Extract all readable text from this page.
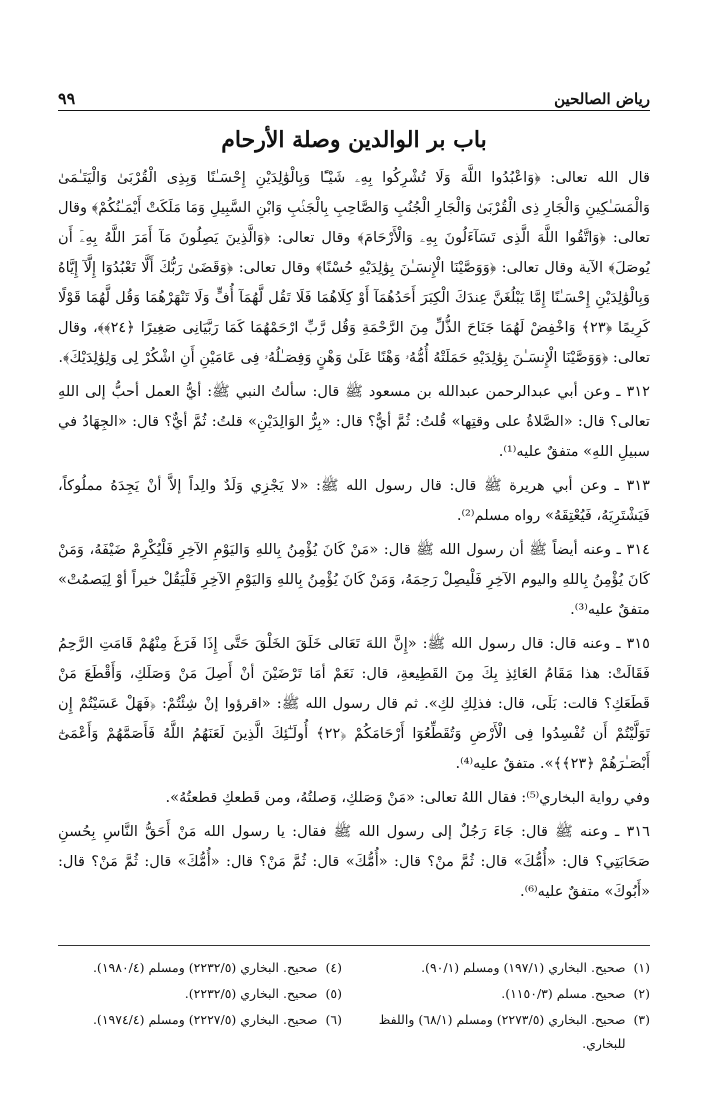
رياض الصالحين
٩٩
باب بر الوالدين وصلة الأرحام

قال الله تعالى: ﴿وَاعْبُدُوا اللَّهَ وَلَا تُشْرِكُوا بِهِۦ شَيْـًٔا وَبِالْوَٰلِدَيْنِ إِحْسَـٰنًا وَبِذِى الْقُرْبَىٰ وَالْيَتَـٰمَىٰ وَالْمَسَـٰكِينِ وَالْجَارِ ذِى الْقُرْبَىٰ وَالْجَارِ الْجُنُبِ وَالصَّاحِبِ بِالْجَنۢبِ وَابْنِ السَّبِيلِ وَمَا مَلَكَتْ أَيْمَـٰنُكُمْ﴾ وقال تعالى: ﴿وَاتَّقُوا اللَّهَ الَّذِى تَسَآءَلُونَ بِهِۦ وَالْأَرْحَامَ﴾ وقال تعالى: ﴿وَالَّذِينَ يَصِلُونَ مَآ أَمَرَ اللَّهُ بِهِۦٓ أَن يُوصَلَ﴾ الآية وقال تعالى: ﴿وَوَصَّيْنَا الْإِنسَـٰنَ بِوَٰلِدَيْهِ حُسْنًا﴾ وقال تعالى: ﴿وَقَضَىٰ رَبُّكَ أَلَّا تَعْبُدُوٓا إِلَّآ إِيَّاهُ وَبِالْوَٰلِدَيْنِ إِحْسَـٰنًا إِمَّا يَبْلُغَنَّ عِندَكَ الْكِبَرَ أَحَدُهُمَآ أَوْ كِلَاهُمَا فَلَا تَقُل لَّهُمَآ أُفٍّ وَلَا تَنْهَرْهُمَا وَقُل لَّهُمَا قَوْلًا كَرِيمًا ﴿٢٣﴾ وَاخْفِضْ لَهُمَا جَنَاحَ الذُّلِّ مِنَ الرَّحْمَةِ وَقُل رَّبِّ ارْحَمْهُمَا كَمَا رَبَّيَانِى صَغِيرًا ﴿٢٤﴾﴾، وقال تعالى: ﴿وَوَصَّيْنَا الْإِنسَـٰنَ بِوَٰلِدَيْهِ حَمَلَتْهُ أُمُّهُۥ وَهْنًا عَلَىٰ وَهْنٍ وَفِصَـٰلُهُۥ فِى عَامَيْنِ أَنِ اشْكُرْ لِى وَلِوَٰلِدَيْكَ﴾.

٣١٢ ـ وعن أبي عبدالرحمن عبدالله بن مسعود ﷺ قال: سألتُ النبي ﷺ: أيُّ العمل أحبُّ إلى اللهِ تعالى؟ قال: «الصَّلاةُ على وقتِها» قُلتُ: ثُمَّ أيٌّ؟ قال: «بِرُّ الوَالِدَيْنِ» قلتُ: ثُمَّ أيٌّ؟ قال: «الجِهَادُ في سبيلِ اللهِ» متفقٌ عليه⁽¹⁾.

٣١٣ ـ وعن أبي هريرة ﷺ قال: قال رسول الله ﷺ: «لا يَجْزِي وَلَدٌ والِداً إلاَّ أنْ يَجِدَهُ مملُوكاً، فَيَشْتَرِيَهُ، فَيُعْتِقَهُ» رواه مسلم⁽²⁾.

٣١٤ ـ وعنه أيضاً ﷺ أن رسول الله ﷺ قال: «مَنْ كَانَ يُؤْمِنُ بِاللهِ وَاليَوْمِ الآخِرِ فَلْيُكْرِمْ ضَيْفَهُ، وَمَنْ كَانَ يُؤْمِنُ بِاللهِ واليوم الآخِرِ فَلْيصِلْ رَحِمَهُ، وَمَنْ كَانَ يُؤْمِنُ بِاللهِ وَاليَوْمِ الآخِرِ فَلْيَقُلْ خيراً أوْ لِيَصمُتْ» متفقٌ عليه⁽³⁾.

٣١٥ ـ وعنه قال: قال رسول الله ﷺ: «إِنَّ اللهَ تَعَالى خَلَقَ الخَلْقَ حَتَّى إِذَا فَرَغَ مِنْهُمْ قَامَتِ الرَّحِمُ فَقَالَتْ: هذا مَقَامُ العَائِذِ بِكَ مِنَ القَطِيعةِ، قال: نَعَمْ أمَا تَرْضَيْنَ أنْ أَصِلَ مَنْ وَصَلَكِ، وَأَقْطَعَ مَنْ قَطَعَكِ؟ قالت: بَلَى، قال: فذلِكِ لكِ». ثم قال رسول الله ﷺ: «اقرؤوا إنْ شِئْتُمْ: ﴿فَهَلْ عَسَيْتُمْ إِن تَوَلَّيْتُمْ أَن تُفْسِدُوا فِى الْأَرْضِ وَتُقَطِّعُوٓا أَرْحَامَكُمْ ﴿٢٢﴾ أُولَـٰٓئِكَ الَّذِينَ لَعَنَهُمُ اللَّهُ فَأَصَمَّهُمْ وَأَعْمَىٰٓ أَبْصَـٰرَهُمْ ﴿٢٣﴾﴾». متفقٌ عليه⁽⁴⁾.

وفي رواية البخاري⁽⁵⁾: فقال اللهُ تعالى: «مَنْ وَصَلكِ، وَصلتُهُ، ومن قَطعكِ قطعتُهُ».

٣١٦ ـ وعنه ﷺ قال: جَاءَ رَجُلٌ إلى رسول الله ﷺ فقال: يا رسول الله مَنْ أَحَقُّ النَّاسِ بِحُسنِ صَحَابَتِي؟ قال: «أُمُّكَ» قال: ثُمَّ منْ؟ قال: «أُمُّكَ» قال: ثُمَّ مَنْ؟ قال: «أُمُّكَ» قال: ثُمَّ مَنْ؟ قال: «أَبُوكَ» متفقٌ عليه⁽⁶⁾.

(١)
صحيح. البخاري (١٩٧/١) ومسلم (٩٠/١).
(٤)
صحيح. البخاري (٢٢٣٢/٥) ومسلم (١٩٨٠/٤).
(٢)
صحيح. مسلم (١١٥٠/٣).
(٥)
صحيح. البخاري (٢٢٣٢/٥).
(٣)
صحيح. البخاري (٢٢٧٣/٥) ومسلم (٦٨/١) واللفظ للبخاري.
(٦)
صحيح. البخاري (٢٢٢٧/٥) ومسلم (١٩٧٤/٤).
